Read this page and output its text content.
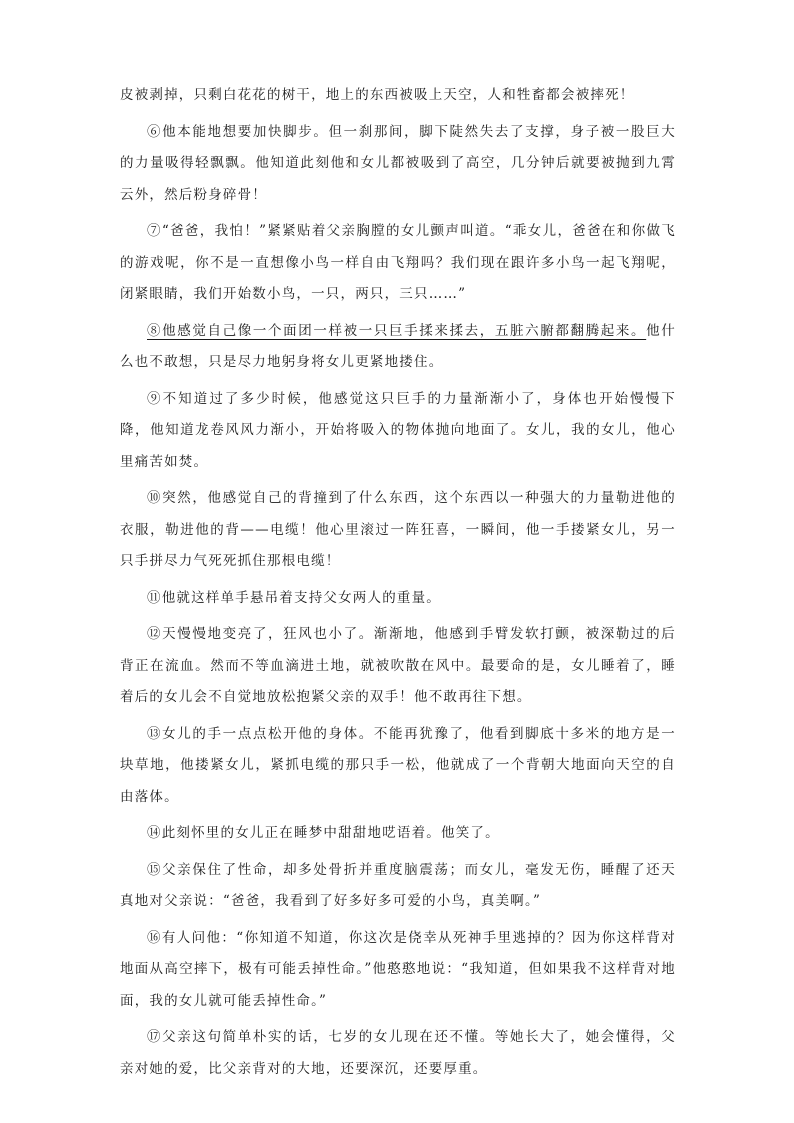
皮被剥掉，只剩白花花的树干，地上的东西被吸上天空，人和牲畜都会被摔死！

⑥他本能地想要加快脚步。但一刹那间，脚下陡然失去了支撑，身子被一股巨大的力量吸得轻飘飘。他知道此刻他和女儿都被吸到了高空，几分钟后就要被抛到九霄云外，然后粉身碎骨！

⑦“爸爸，我怕！”紧紧贴着父亲胸膛的女儿颤声叫道。“乖女儿，爸爸在和你做飞的游戏呢，你不是一直想像小鸟一样自由飞翔吗？我们现在跟许多小鸟一起飞翔呢，闭紧眼睛，我们开始数小鸟，一只，两只，三只……”

⑧他感觉自己像一个面团一样被一只巨手揉来揉去，五脏六腑都翻腾起来。他什么也不敢想，只是尽力地躬身将女儿更紧地搂住。

⑨不知道过了多少时候，他感觉这只巨手的力量渐渐小了，身体也开始慢慢下降，他知道龙卷风风力渐小，开始将吸入的物体抛向地面了。女儿，我的女儿，他心里痛苦如焚。

⑩突然，他感觉自己的背撞到了什么东西，这个东西以一种强大的力量勒进他的衣服，勒进他的背——电缆！他心里滚过一阵狂喜，一瞬间，他一手搂紧女儿，另一只手拼尽力气死死抓住那根电缆！

⑪他就这样单手悬吊着支持父女两人的重量。

⑫天慢慢地变亮了，狂风也小了。渐渐地，他感到手臂发软打颤，被深勒过的后背正在流血。然而不等血滴进土地，就被吹散在风中。最要命的是，女儿睡着了，睡着后的女儿会不自觉地放松抱紧父亲的双手！他不敢再往下想。

⑬女儿的手一点点松开他的身体。不能再犹豫了，他看到脚底十多米的地方是一块草地，他搂紧女儿，紧抓电缆的那只手一松，他就成了一个背朝大地面向天空的自由落体。

⑭此刻怀里的女儿正在睡梦中甜甜地呓语着。他笑了。

⑮父亲保住了性命，却多处骨折并重度脑震荡；而女儿，毫发无伤，睡醒了还天真地对父亲说：“爸爸，我看到了好多好多可爱的小鸟，真美啊。”

⑯有人问他：“你知道不知道，你这次是侥幸从死神手里逃掉的？因为你这样背对地面从高空摔下，极有可能丢掉性命。”他憨憨地说：“我知道，但如果我不这样背对地面，我的女儿就可能丢掉性命。”

⑰父亲这句简单朴实的话，七岁的女儿现在还不懂。等她长大了，她会懂得，父亲对她的爱，比父亲背对的大地，还要深沉，还要厚重。
